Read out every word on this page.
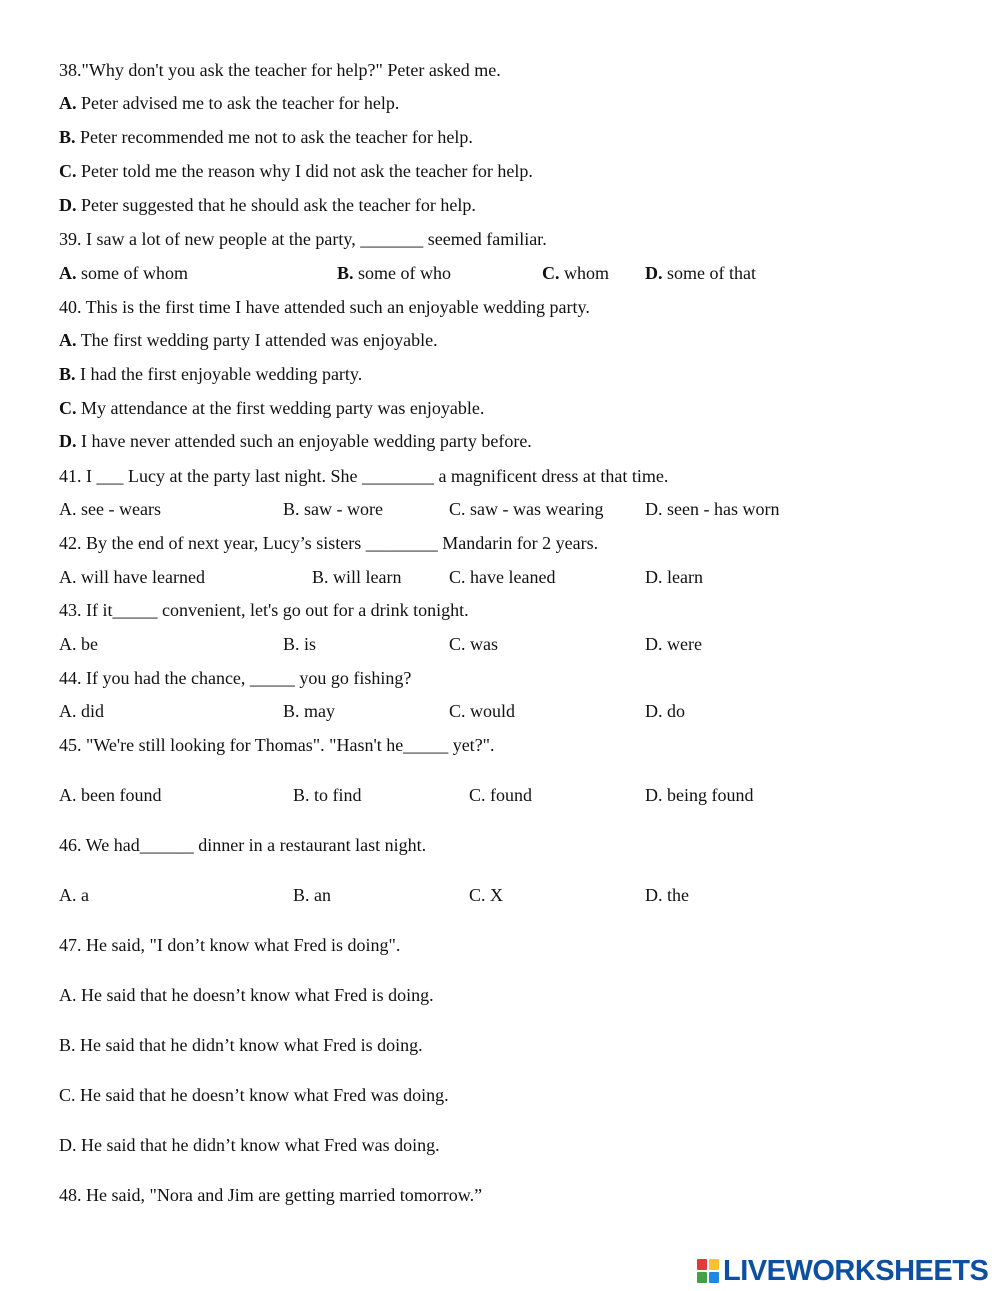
38."Why don't you ask the teacher for help?" Peter asked me.
A. Peter advised me to ask the teacher for help.
B. Peter recommended me not to ask the teacher for help.
C. Peter told me the reason why I did not ask the teacher for help.
D. Peter suggested that he should ask the teacher for help.
39. I saw a lot of new people at the party, _______ seemed familiar.
A. some of whom	B. some of who	C. whom D. some of that
40. This is the first time I have attended such an enjoyable wedding party.
A. The first wedding party I attended was enjoyable.
B. I had the first enjoyable wedding party.
C. My attendance at the first wedding party was enjoyable.
D. I have never attended such an enjoyable wedding party before.
41. I ___ Lucy at the party last night. She ________ a magnificent dress at that time.
A. see - wears	B. saw - wore	C. saw - was wearing D. seen - has worn
42. By the end of next year, Lucy’s sisters ________ Mandarin for 2 years.
A. will have learned	B. will learn	C. have leaned	D. learn
43. If it_____ convenient, let's go out for a drink tonight.
A. be	B. is	C. was	D. were
44. If you had the chance, _____ you go fishing?
A. did	B. may	C. would	D. do
45. "We're still looking for Thomas". "Hasn't he_____ yet?".
A. been found	B. to find	C. found	D. being found
46. We had______ dinner in a restaurant last night.
A. a	B. an	C. X	D. the
47. He said, "I don’t know what Fred is doing".
A. He said that he doesn’t know what Fred is doing.
B. He said that he didn’t know what Fred is doing.
C. He said that he doesn’t know what Fred was doing.
D. He said that he didn’t know what Fred was doing.
48. He said, "Nora and Jim are getting married tomorrow.”
LIVEWORKSHEETS
